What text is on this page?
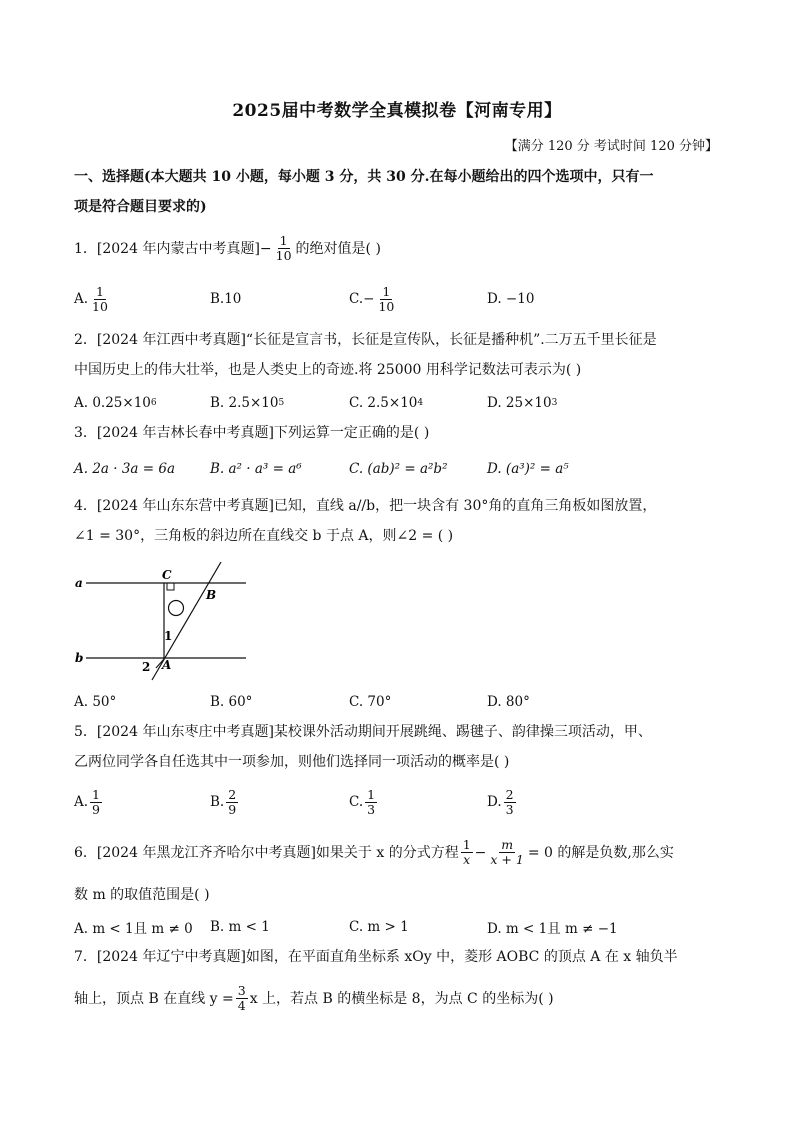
2025届中考数学全真模拟卷【河南专用】
【满分 120 分 考试时间 120 分钟】
一、选择题(本大题共 10 小题，每小题 3 分，共 30 分.在每小题给出的四个选项中，只有一
项是符合题目要求的)
1．[2024 年内蒙古中考真题]− $\frac{1}{10}$ 的绝对值是( )
A. $\frac{1}{10}$	B.10	$C.- \frac{1}{10}$	D. −10
2．[2024 年江西中考真题]“长征是宣言书，长征是宣传队，长征是播种机”.二万五千里长征是
中国历史上的伟大壮举，也是人类史上的奇迹.将 25000 用科学记数法可表示为( )
A. 0.25×10 6	B. 2.5×10 5	C. 2.5×10 4	D. 25×10 3
3．[2024 年吉林长春中考真题]下列运算一定正确的是( )
A. 2a · 3a = 6a	B. a² · a³ = a⁶	C. (ab)² = a²b²	D. (a³)² = a⁵
4．[2024 年山东东营中考真题]已知，直线 a//b，把一块含有 30°角的直角三角板如图放置，
∠1 = 30°，三角板的斜边所在直线交 b 于点 A，则∠2 = ( )
a
b
C
B
1
2 A
A. 50°	B. 60°	C. 70°	D. 80°
5．[2024 年山东枣庄中考真题]某校课外活动期间开展跳绳、踢毽子、韵律操三项活动，甲、
乙两位同学各自任选其中一项参加，则他们选择同一项活动的概率是( )
A. $\frac{1}{9}$	B. $\frac{2}{9}$	C. $\frac{1}{3}$	D. $\frac{2}{3}$
6．[2024 年黑龙江齐齐哈尔中考真题]如果关于 x 的分式方程 $\frac{1}{x} - \frac{m}{x + 1} = 0$ 的解是负数,那么实
数 m 的取值范围是( )
A. m < 1且 m ≠ 0 B. m < 1	C. m > 1	D. m < 1且 m ≠ −1
7．[2024 年辽宁中考真题]如图，在平面直角坐标系 xOy 中，菱形 AOBC 的顶点 A 在 x 轴负半
轴上，顶点 B 在直线 $y = \frac{3}{4}$ x 上，若点 B 的横坐标是 8，为点 C 的坐标为( )
